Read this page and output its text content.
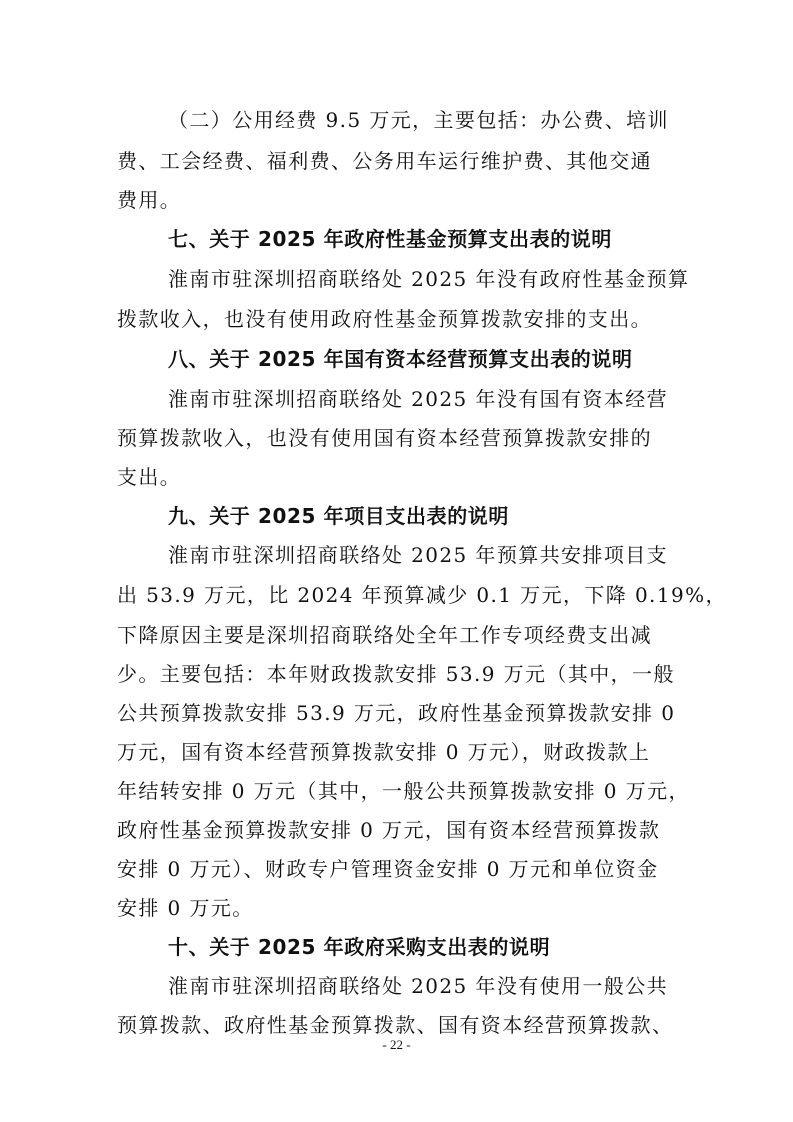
（二）公用经费 9.5 万元，主要包括：办公费、培训
费、工会经费、福利费、公务用车运行维护费、其他交通
费用。
七、关于 2025 年政府性基金预算支出表的说明
淮南市驻深圳招商联络处 2025 年没有政府性基金预算
拨款收入，也没有使用政府性基金预算拨款安排的支出。
八、关于 2025 年国有资本经营预算支出表的说明
淮南市驻深圳招商联络处 2025 年没有国有资本经营
预算拨款收入，也没有使用国有资本经营预算拨款安排的
支出。
九、关于 2025 年项目支出表的说明
淮南市驻深圳招商联络处 2025 年预算共安排项目支
出 53.9 万元，比 2024 年预算减少 0.1 万元，下降 0.19%，
下降原因主要是深圳招商联络处全年工作专项经费支出减
少。主要包括：本年财政拨款安排 53.9 万元（其中，一般
公共预算拨款安排 53.9 万元，政府性基金预算拨款安排 0
万元，国有资本经营预算拨款安排 0 万元），财政拨款上
年结转安排 0 万元（其中，一般公共预算拨款安排 0 万元，
政府性基金预算拨款安排 0 万元，国有资本经营预算拨款
安排 0 万元）、财政专户管理资金安排 0 万元和单位资金
安排 0 万元。
十、关于 2025 年政府采购支出表的说明
淮南市驻深圳招商联络处 2025 年没有使用一般公共
预算拨款、政府性基金预算拨款、国有资本经营预算拨款、
- 22 -
